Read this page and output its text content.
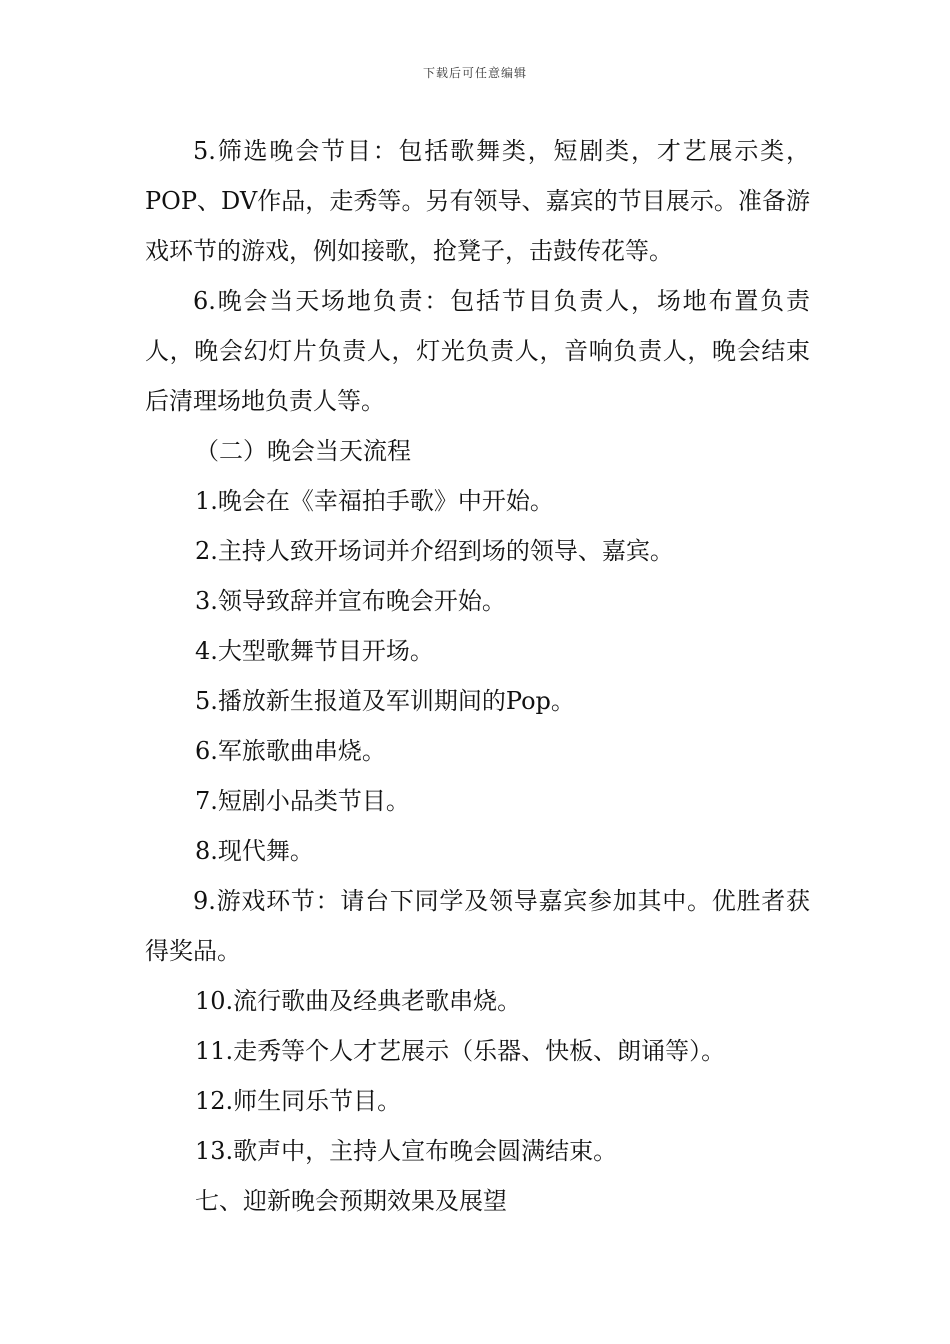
下载后可任意编辑

5.筛选晚会节目：包括歌舞类，短剧类，才艺展示类，POP、DV作品，走秀等。另有领导、嘉宾的节目展示。准备游戏环节的游戏，例如接歌，抢凳子，击鼓传花等。

6.晚会当天场地负责：包括节目负责人，场地布置负责人，晚会幻灯片负责人，灯光负责人，音响负责人，晚会结束后清理场地负责人等。

（二）晚会当天流程

1.晚会在《幸福拍手歌》中开始。

2.主持人致开场词并介绍到场的领导、嘉宾。

3.领导致辞并宣布晚会开始。

4.大型歌舞节目开场。

5.播放新生报道及军训期间的Pop。

6.军旅歌曲串烧。

7.短剧小品类节目。

8.现代舞。

9.游戏环节：请台下同学及领导嘉宾参加其中。优胜者获得奖品。

10.流行歌曲及经典老歌串烧。

11.走秀等个人才艺展示（乐器、快板、朗诵等）。

12.师生同乐节目。

13.歌声中，主持人宣布晚会圆满结束。

七、迎新晚会预期效果及展望
